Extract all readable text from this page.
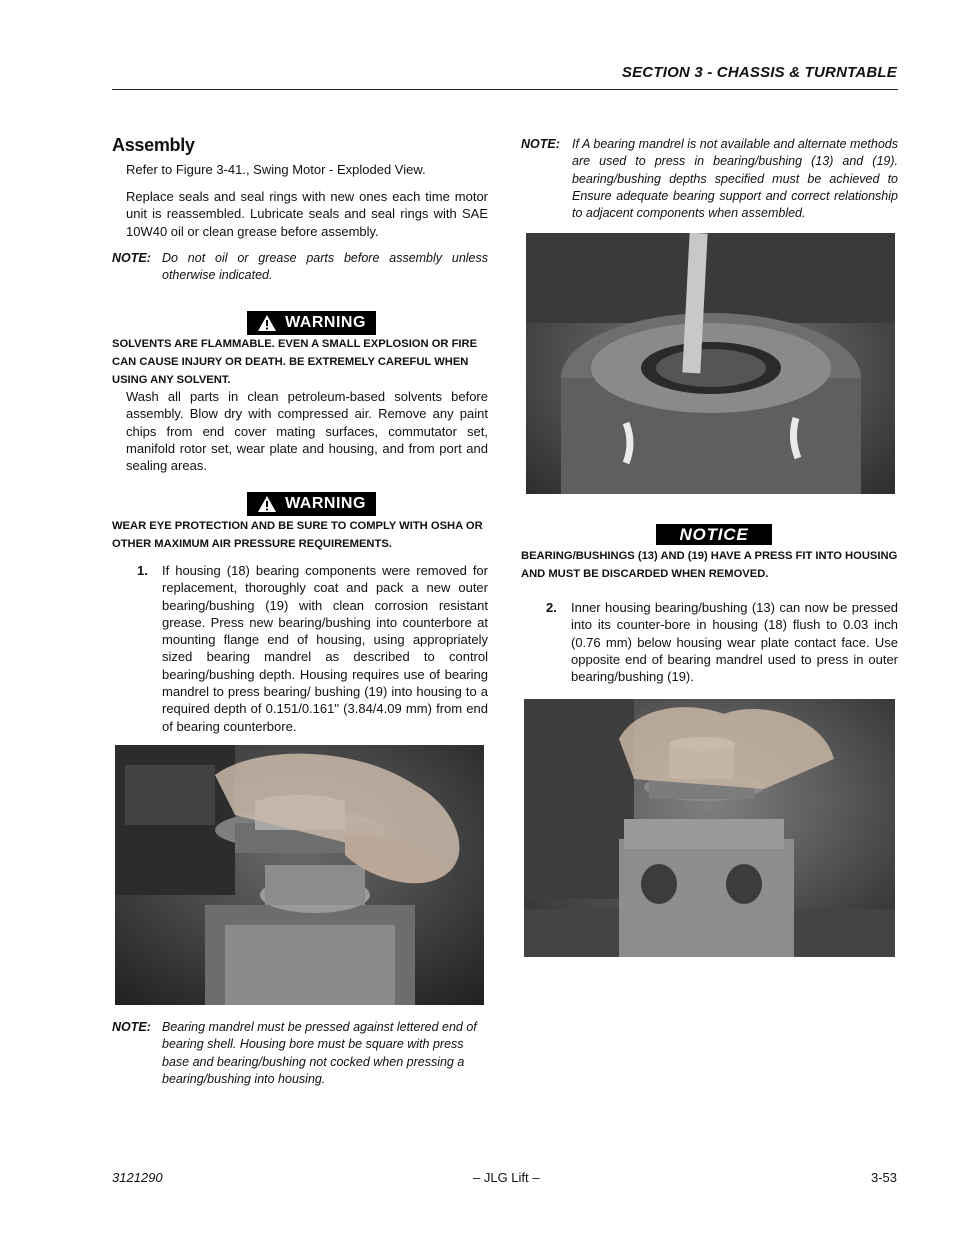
SECTION 3 - CHASSIS & TURNTABLE
Assembly
Refer to Figure 3-41., Swing Motor - Exploded View.
Replace seals and seal rings with new ones each time motor unit is reassembled. Lubricate seals and seal rings with SAE 10W40 oil or clean grease before assembly.
NOTE: Do not oil or grease parts before assembly unless otherwise indicated.
WARNING
SOLVENTS ARE FLAMMABLE. EVEN A SMALL EXPLOSION OR FIRE CAN CAUSE INJURY OR DEATH. BE EXTREMELY CAREFUL WHEN USING ANY SOLVENT.
Wash all parts in clean petroleum-based solvents before assembly. Blow dry with compressed air. Remove any paint chips from end cover mating surfaces, commutator set, manifold rotor set, wear plate and housing, and from port and sealing areas.
WARNING
WEAR EYE PROTECTION AND BE SURE TO COMPLY WITH OSHA OR OTHER MAXIMUM AIR PRESSURE REQUIREMENTS.
1. If housing (18) bearing components were removed for replacement, thoroughly coat and pack a new outer bearing/bushing (19) with clean corrosion resistant grease. Press new bearing/bushing into counterbore at mounting flange end of housing, using appropriately sized bearing mandrel as described to control bearing/bushing depth. Housing requires use of bearing mandrel to press bearing/ bushing (19) into housing to a required depth of 0.151/0.161" (3.84/4.09 mm) from end of bearing counterbore.
NOTE: Bearing mandrel must be pressed against lettered end of bearing shell. Housing bore must be square with press base and bearing/bushing not cocked when pressing a bearing/bushing into housing.
NOTE: If A bearing mandrel is not available and alternate methods are used to press in bearing/bushing (13) and (19). bearing/bushing depths specified must be achieved to Ensure adequate bearing support and correct relationship to adjacent components when assembled.
NOTICE
BEARING/BUSHINGS (13) AND (19) HAVE A PRESS FIT INTO HOUSING AND MUST BE DISCARDED WHEN REMOVED.
2. Inner housing bearing/bushing (13) can now be pressed into its counter-bore in housing (18) flush to 0.03 inch (0.76 mm) below housing wear plate contact face. Use opposite end of bearing mandrel used to press in outer bearing/bushing (19).
3121290	– JLG Lift –	3-53
